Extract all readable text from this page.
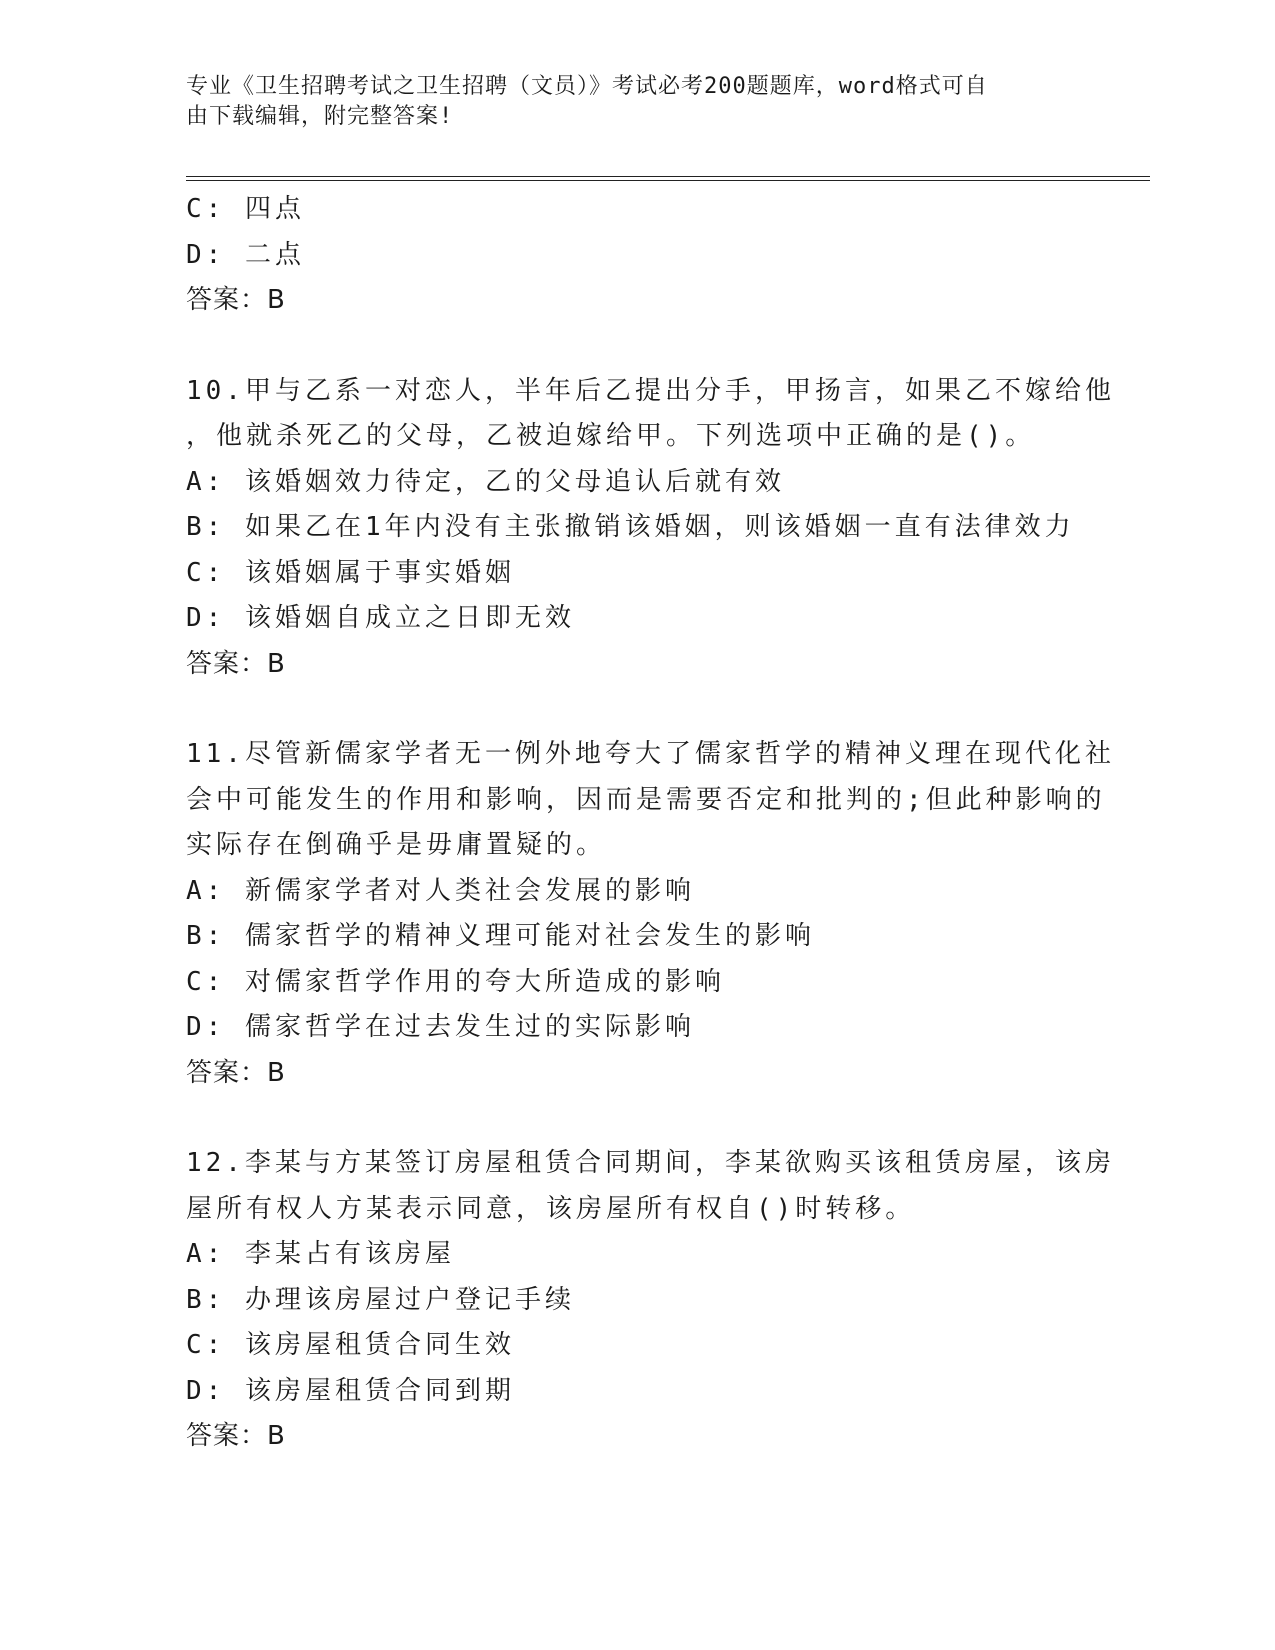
专业《卫生招聘考试之卫生招聘（文员）》考试必考200题题库，word格式可自
由下载编辑，附完整答案!
C: 四点
D: 二点
答案：B
10.甲与乙系一对恋人，半年后乙提出分手，甲扬言，如果乙不嫁给他
，他就杀死乙的父母，乙被迫嫁给甲。下列选项中正确的是()。
A: 该婚姻效力待定，乙的父母追认后就有效
B: 如果乙在1年内没有主张撤销该婚姻，则该婚姻一直有法律效力
C: 该婚姻属于事实婚姻
D: 该婚姻自成立之日即无效
答案：B
11.尽管新儒家学者无一例外地夸大了儒家哲学的精神义理在现代化社
会中可能发生的作用和影响，因而是需要否定和批判的;但此种影响的
实际存在倒确乎是毋庸置疑的。
A: 新儒家学者对人类社会发展的影响
B: 儒家哲学的精神义理可能对社会发生的影响
C: 对儒家哲学作用的夸大所造成的影响
D: 儒家哲学在过去发生过的实际影响
答案：B
12.李某与方某签订房屋租赁合同期间，李某欲购买该租赁房屋，该房
屋所有权人方某表示同意，该房屋所有权自()时转移。
A: 李某占有该房屋
B: 办理该房屋过户登记手续
C: 该房屋租赁合同生效
D: 该房屋租赁合同到期
答案：B
